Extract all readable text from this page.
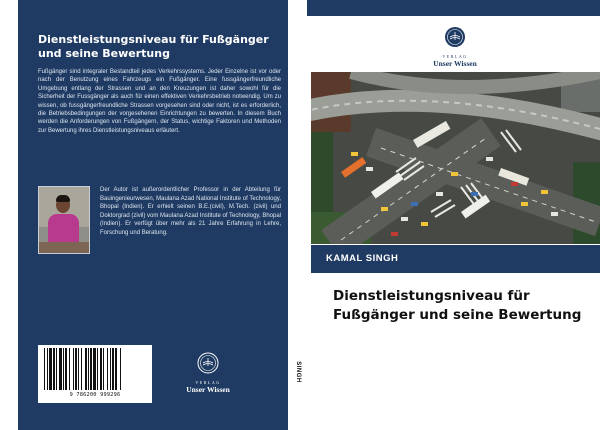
Dienstleistungsniveau für Fußgänger und seine Bewertung
Fußgänger sind integraler Bestandteil jedes Verkehrssystems. Jeder Einzelne ist vor oder nach der Benutzung eines Fahrzeugs ein Fußgänger. Eine fussgängerfreundliche Umgebung entlang der Strassen und an den Kreuzungen ist daher sowohl für die Sicherheit der Fussgänger als auch für einen effektiven Verkehrsbetrieb notwendig. Um zu wissen, ob fussgängerfreundliche Strassen vorgesehen sind oder nicht, ist es erforderlich, die Betriebsbedingungen der vorgesehenen Einrichtungen zu bewerten. In diesem Buch werden die Anforderungen von Fußgängern, der Status, wichtige Faktoren und Methoden zur Bewertung ihres Dienstleistungsniveaus erläutert.
Der Autor ist außerordentlicher Professor in der Abteilung für Bauingenieurwesen, Maulana Azad National Institute of Technology, Bhopal (Indien). Er erhielt seinen B.E.(civil), M.Tech. (zivil) und Doktorgrad (zivil) vom Maulana Azad Institute of Technology, Bhopal (Indien). Er verfügt über mehr als 21 Jahre Erfahrung in Lehre, Forschung und Beratung.
9 786200 999296
VERLAG
Unser Wissen
SINGH
VERLAG
Unser Wissen
KAMAL SINGH
Dienstleistungsniveau für Fußgänger und seine Bewertung
